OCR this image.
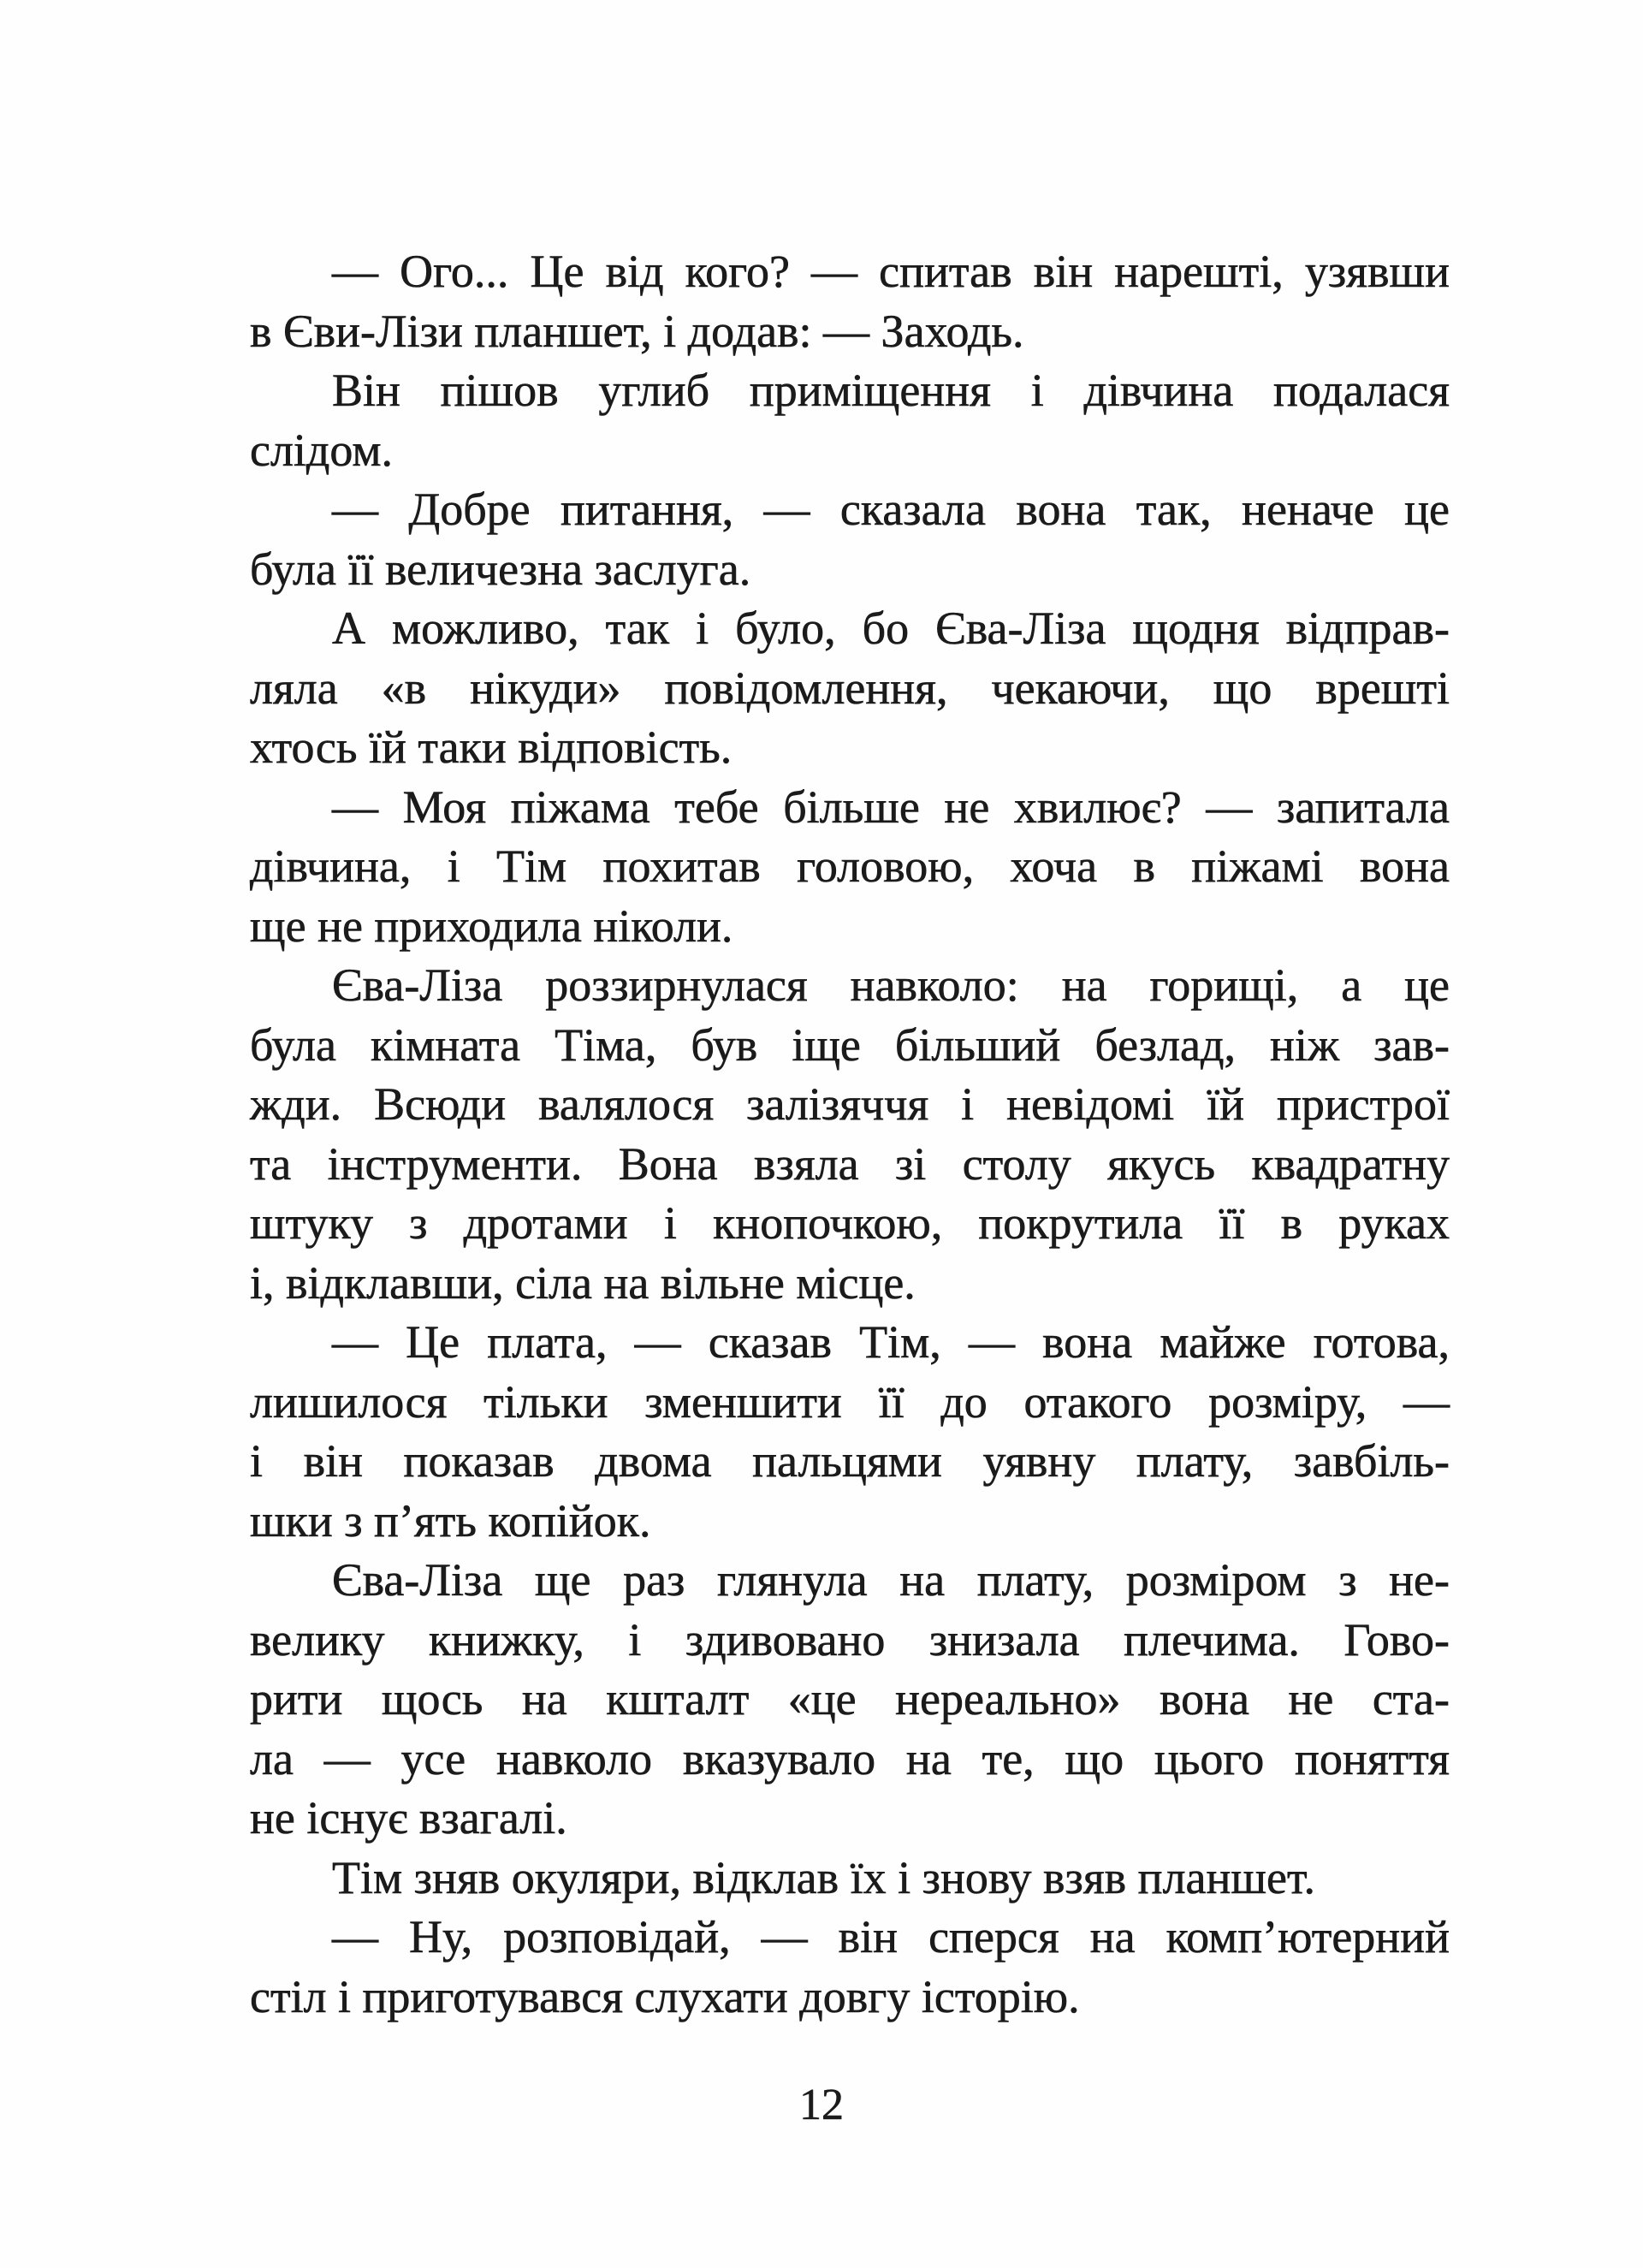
— Ого... Це від кого? — спитав він нарешті, узявши
в Єви-Лізи планшет, і додав: — Заходь.
Він пішов углиб приміщення і дівчина подалася
слідом.
— Добре питання, — сказала вона так, неначе це
була її величезна заслуга.
А можливо, так і було, бо Єва-Ліза щодня відправ-
ляла «в нікуди» повідомлення, чекаючи, що врешті
хтось їй таки відповість.
— Моя піжама тебе більше не хвилює? — запитала
дівчина, і Тім похитав головою, хоча в піжамі вона
ще не приходила ніколи.
Єва-Ліза роззирнулася навколо: на горищі, а це
була кімната Тіма, був іще більший безлад, ніж зав-
жди. Всюди валялося залізяччя і невідомі їй пристрої
та інструменти. Вона взяла зі столу якусь квадратну
штуку з дротами і кнопочкою, покрутила її в руках
і, відклавши, сіла на вільне місце.
— Це плата, — сказав Тім, — вона майже готова,
лишилося тільки зменшити її до отакого розміру, —
і він показав двома пальцями уявну плату, завбіль-
шки з п’ять копійок.
Єва-Ліза ще раз глянула на плату, розміром з не-
велику книжку, і здивовано знизала плечима. Гово-
рити щось на кшталт «це нереально» вона не ста-
ла — усе навколо вказувало на те, що цього поняття
не існує взагалі.
Тім зняв окуляри, відклав їх і знову взяв планшет.
— Ну, розповідай, — він сперся на комп’ютерний
стіл і приготувався слухати довгу історію.
12
